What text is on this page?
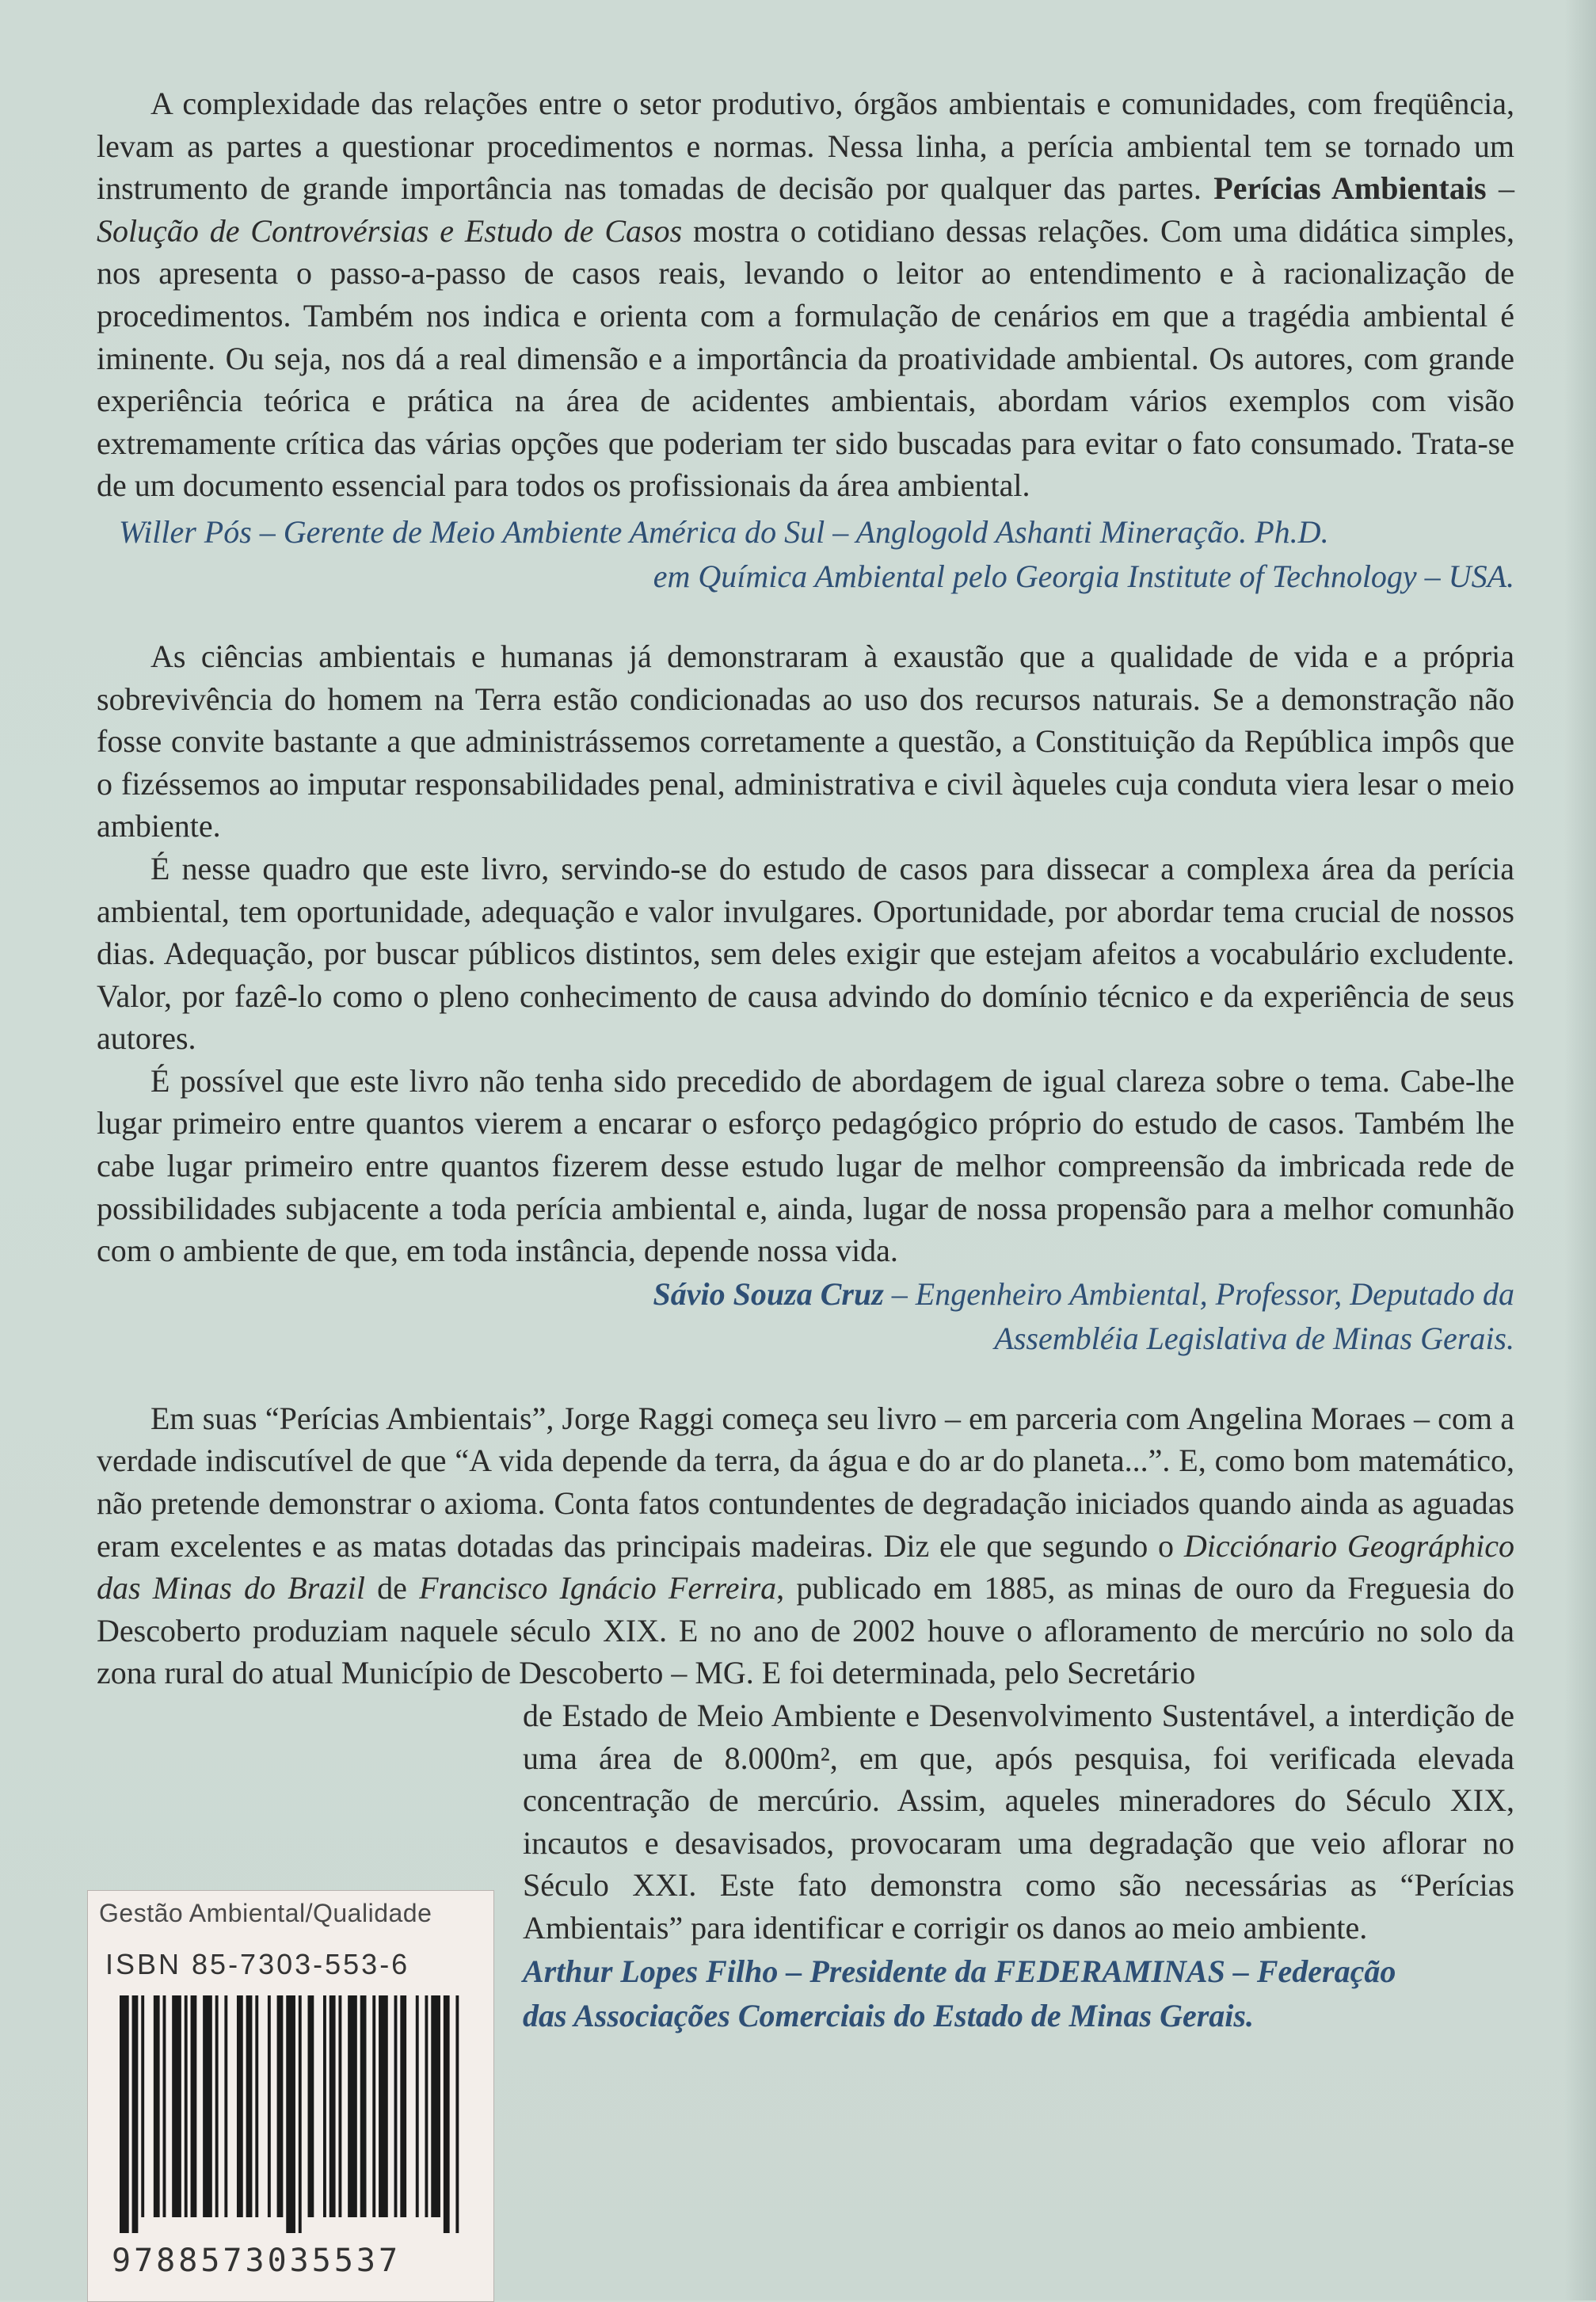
A complexidade das relações entre o setor produtivo, órgãos ambientais e comunidades, com freqüência, levam as partes a questionar procedimentos e normas. Nessa linha, a perícia ambiental tem se tornado um instrumento de grande importância nas tomadas de decisão por qualquer das partes. Perícias Ambientais – Solução de Controvérsias e Estudo de Casos mostra o cotidiano dessas relações. Com uma didática simples, nos apresenta o passo-a-passo de casos reais, levando o leitor ao entendimento e à racionalização de procedimentos. Também nos indica e orienta com a formulação de cenários em que a tragédia ambiental é iminente. Ou seja, nos dá a real dimensão e a importância da proatividade ambiental. Os autores, com grande experiência teórica e prática na área de acidentes ambientais, abordam vários exemplos com visão extremamente crítica das várias opções que poderiam ter sido buscadas para evitar o fato consumado. Trata-se de um documento essencial para todos os profissionais da área ambiental.

Willer Pós – Gerente de Meio Ambiente América do Sul – Anglogold Ashanti Mineração. Ph.D.
em Química Ambiental pelo Georgia Institute of Technology – USA.

As ciências ambientais e humanas já demonstraram à exaustão que a qualidade de vida e a própria sobrevivência do homem na Terra estão condicionadas ao uso dos recursos naturais. Se a demonstração não fosse convite bastante a que administrássemos corretamente a questão, a Constituição da República impôs que o fizéssemos ao imputar responsabilidades penal, administrativa e civil àqueles cuja conduta viera lesar o meio ambiente.

É nesse quadro que este livro, servindo-se do estudo de casos para dissecar a complexa área da perícia ambiental, tem oportunidade, adequação e valor invulgares. Oportunidade, por abordar tema crucial de nossos dias. Adequação, por buscar públicos distintos, sem deles exigir que estejam afeitos a vocabulário excludente. Valor, por fazê-lo como o pleno conhecimento de causa advindo do domínio técnico e da experiência de seus autores.

É possível que este livro não tenha sido precedido de abordagem de igual clareza sobre o tema. Cabe-lhe lugar primeiro entre quantos vierem a encarar o esforço pedagógico próprio do estudo de casos. Também lhe cabe lugar primeiro entre quantos fizerem desse estudo lugar de melhor compreensão da imbricada rede de possibilidades subjacente a toda perícia ambiental e, ainda, lugar de nossa propensão para a melhor comunhão com o ambiente de que, em toda instância, depende nossa vida.

Sávio Souza Cruz – Engenheiro Ambiental, Professor, Deputado da
Assembléia Legislativa de Minas Gerais.

Em suas “Perícias Ambientais”, Jorge Raggi começa seu livro – em parceria com Angelina Moraes – com a verdade indiscutível de que “A vida depende da terra, da água e do ar do planeta...”. E, como bom matemático, não pretende demonstrar o axioma. Conta fatos contundentes de degradação iniciados quando ainda as aguadas eram excelentes e as matas dotadas das principais madeiras. Diz ele que segundo o Dicciónario Geográphico das Minas do Brazil de Francisco Ignácio Ferreira, publicado em 1885, as minas de ouro da Freguesia do Descoberto produziam naquele século XIX. E no ano de 2002 houve o afloramento de mercúrio no solo da zona rural do atual Município de Descoberto – MG. E foi determinada, pelo Secretário

de Estado de Meio Ambiente e Desenvolvimento Sustentável, a interdição de uma área de 8.000m², em que, após pesquisa, foi verificada elevada concentração de mercúrio. Assim, aqueles mineradores do Século XIX, incautos e desavisados, provocaram uma degradação que veio aflorar no Século XXI. Este fato demonstra como são necessárias as “Perícias Ambientais” para identificar e corrigir os danos ao meio ambiente.

Arthur Lopes Filho – Presidente da FEDERAMINAS – Federação
das Associações Comerciais do Estado de Minas Gerais.
Gestão Ambiental/Qualidade
ISBN 85-7303-553-6
9788573035537
